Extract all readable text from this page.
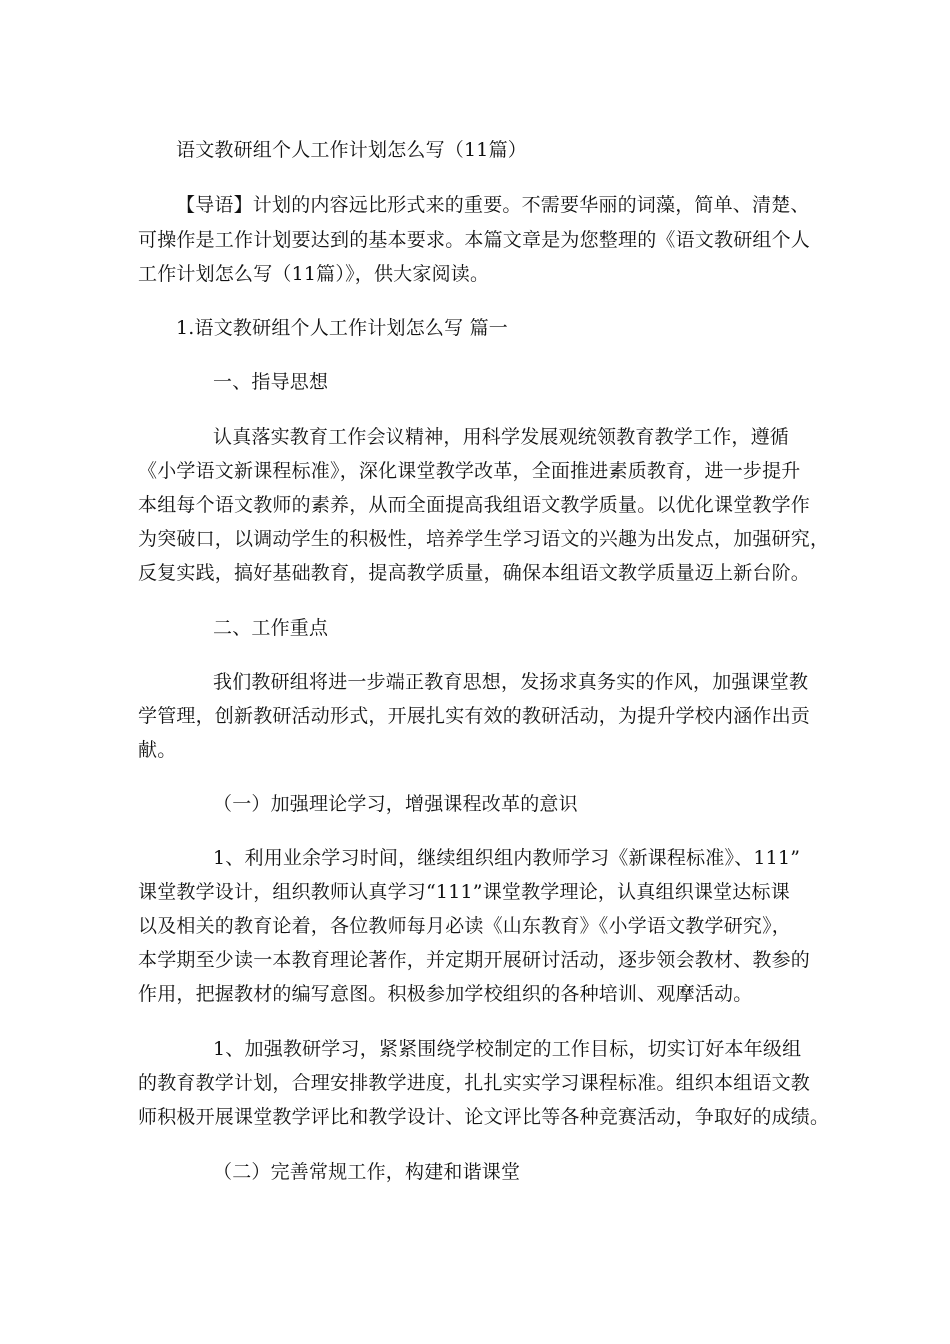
语文教研组个人工作计划怎么写（11篇）
【导语】计划的内容远比形式来的重要。不需要华丽的词藻，简单、清楚、
可操作是工作计划要达到的基本要求。本篇文章是为您整理的《语文教研组个人
工作计划怎么写（11篇）》，供大家阅读。
1.语文教研组个人工作计划怎么写 篇一
一、指导思想
认真落实教育工作会议精神，用科学发展观统领教育教学工作，遵循
《小学语文新课程标准》，深化课堂教学改革，全面推进素质教育，进一步提升
本组每个语文教师的素养，从而全面提高我组语文教学质量。以优化课堂教学作
为突破口，以调动学生的积极性，培养学生学习语文的兴趣为出发点，加强研究，
反复实践，搞好基础教育，提高教学质量，确保本组语文教学质量迈上新台阶。
二、工作重点
我们教研组将进一步端正教育思想，发扬求真务实的作风，加强课堂教
学管理，创新教研活动形式，开展扎实有效的教研活动，为提升学校内涵作出贡
献。
（一）加强理论学习，增强课程改革的意识
1、利用业余学习时间，继续组织组内教师学习《新课程标准》、111”
课堂教学设计，组织教师认真学习“111”课堂教学理论，认真组织课堂达标课
以及相关的教育论着，各位教师每月必读《山东教育》《小学语文教学研究》，
本学期至少读一本教育理论著作，并定期开展研讨活动，逐步领会教材、教参的
作用，把握教材的编写意图。积极参加学校组织的各种培训、观摩活动。
1、加强教研学习，紧紧围绕学校制定的工作目标，切实订好本年级组
的教育教学计划，合理安排教学进度，扎扎实实学习课程标准。组织本组语文教
师积极开展课堂教学评比和教学设计、论文评比等各种竞赛活动，争取好的成绩。
（二）完善常规工作，构建和谐课堂
